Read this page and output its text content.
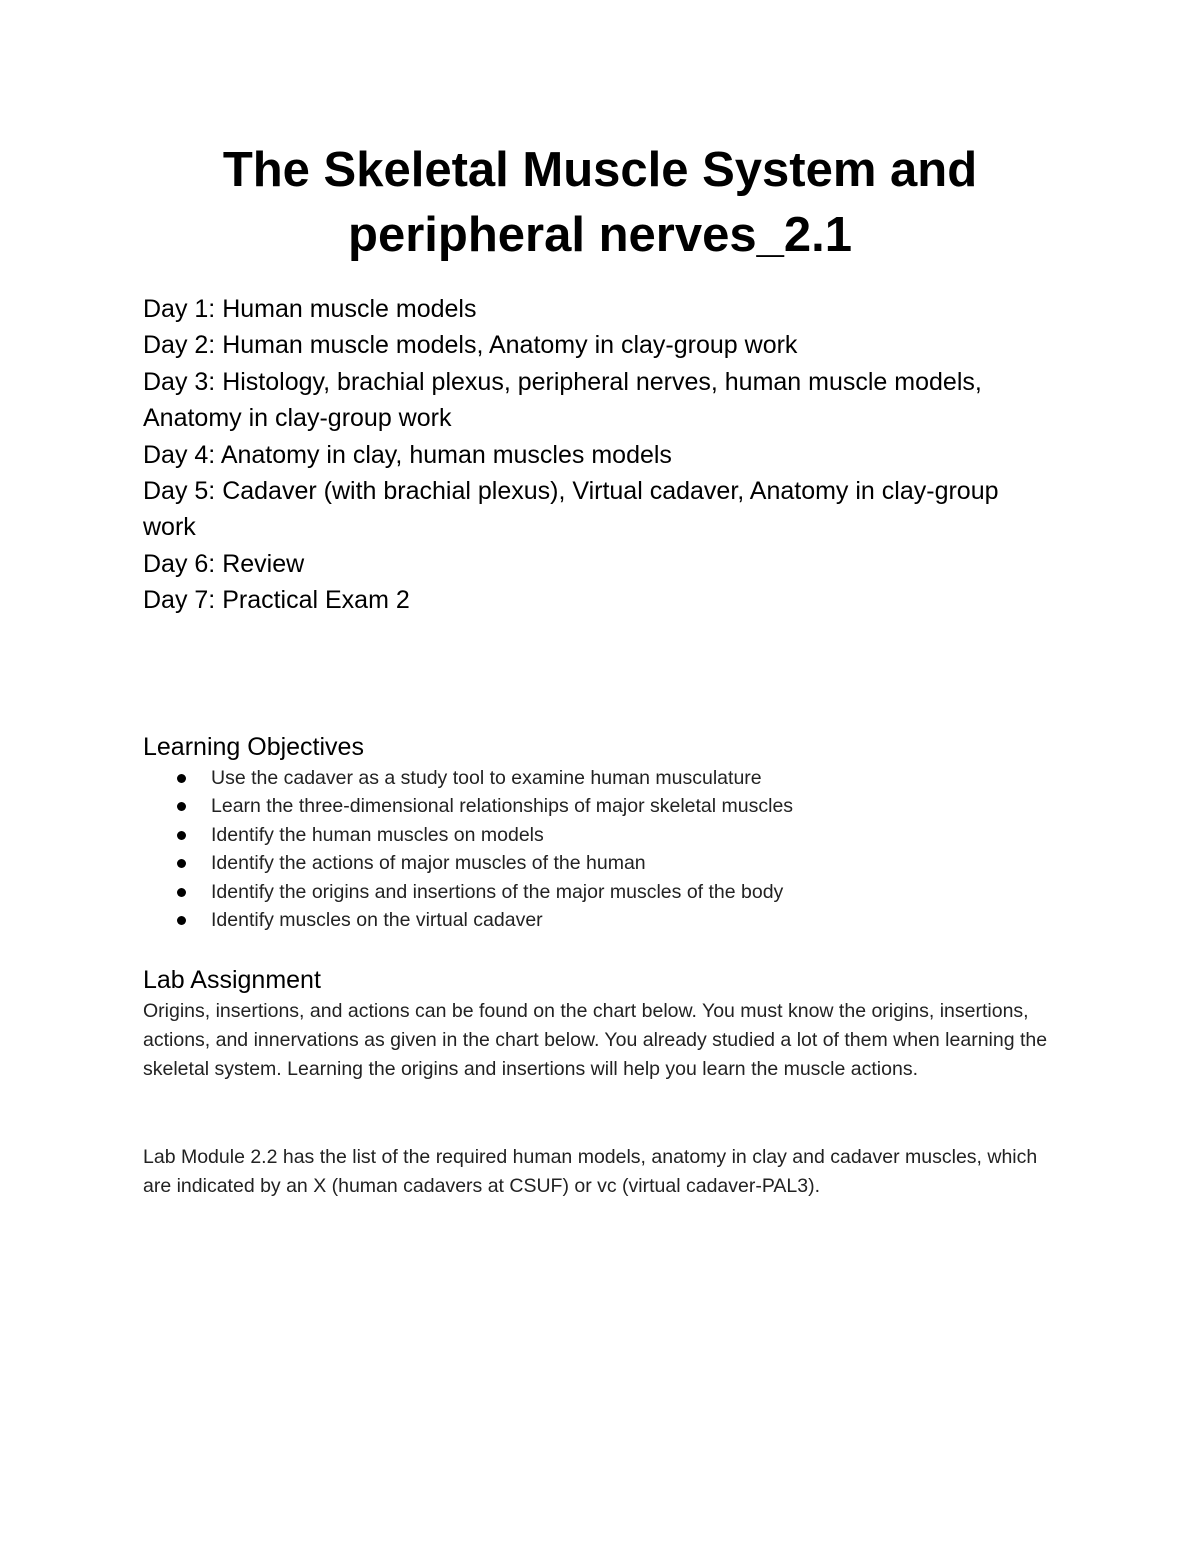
The Skeletal Muscle System and
peripheral nerves_2.1
Day 1: Human muscle models
Day 2: Human muscle models, Anatomy in clay-group work
Day 3: Histology, brachial plexus, peripheral nerves, human muscle models, Anatomy in clay-group work
Day 4: Anatomy in clay, human muscles models
Day 5: Cadaver (with brachial plexus), Virtual cadaver, Anatomy in clay-group work
Day 6: Review
Day 7: Practical Exam 2
Learning Objectives
Use the cadaver as a study tool to examine human musculature
Learn the three-dimensional relationships of major skeletal muscles
Identify the human muscles on models
Identify the actions of major muscles of the human
Identify the origins and insertions of the major muscles of the body
Identify muscles on the virtual cadaver
Lab Assignment

Origins, insertions, and actions can be found on the chart below. You must know the origins, insertions, actions, and innervations as given in the chart below. You already studied a lot of them when learning the skeletal system. Learning the origins and insertions will help you learn the muscle actions.

Lab Module 2.2 has the list of the required human models, anatomy in clay and cadaver muscles, which are indicated by an X (human cadavers at CSUF) or vc (virtual cadaver-PAL3).
